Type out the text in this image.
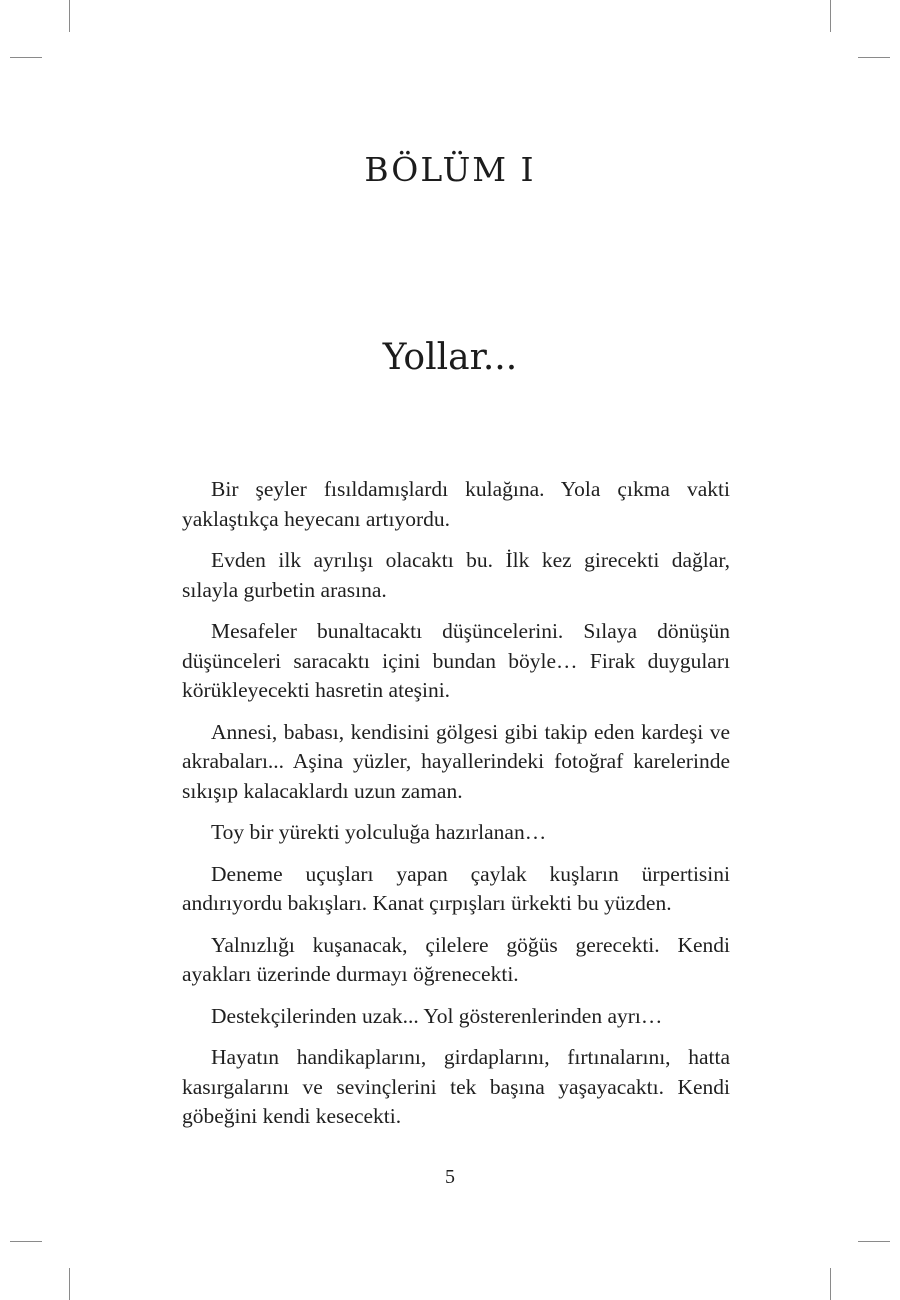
BÖLÜM I
Yollar...

Bir şeyler fısıldamışlardı kulağına. Yola çıkma vakti yaklaştıkça heyecanı artıyordu.

Evden ilk ayrılışı olacaktı bu. İlk kez girecekti dağlar, sılayla gurbetin arasına.

Mesafeler bunaltacaktı düşüncelerini. Sılaya dönüşün düşünceleri saracaktı içini bundan böyle… Firak duyguları körükleyecekti hasretin ateşini.

Annesi, babası, kendisini gölgesi gibi takip eden kardeşi ve akrabaları... Aşina yüzler, hayallerindeki fotoğraf karelerinde sıkışıp kalacaklardı uzun zaman.

Toy bir yürekti yolculuğa hazırlanan…

Deneme uçuşları yapan çaylak kuşların ürpertisini andırıyordu bakışları. Kanat çırpışları ürkekti bu yüzden.

Yalnızlığı kuşanacak, çilelere göğüs gerecekti. Kendi ayakları üzerinde durmayı öğrenecekti.

Destekçilerinden uzak... Yol gösterenlerinden ayrı…

Hayatın handikaplarını, girdaplarını, fırtınalarını, hatta kasırgalarını ve sevinçlerini tek başına yaşayacaktı. Kendi göbeğini kendi kesecekti.

5
